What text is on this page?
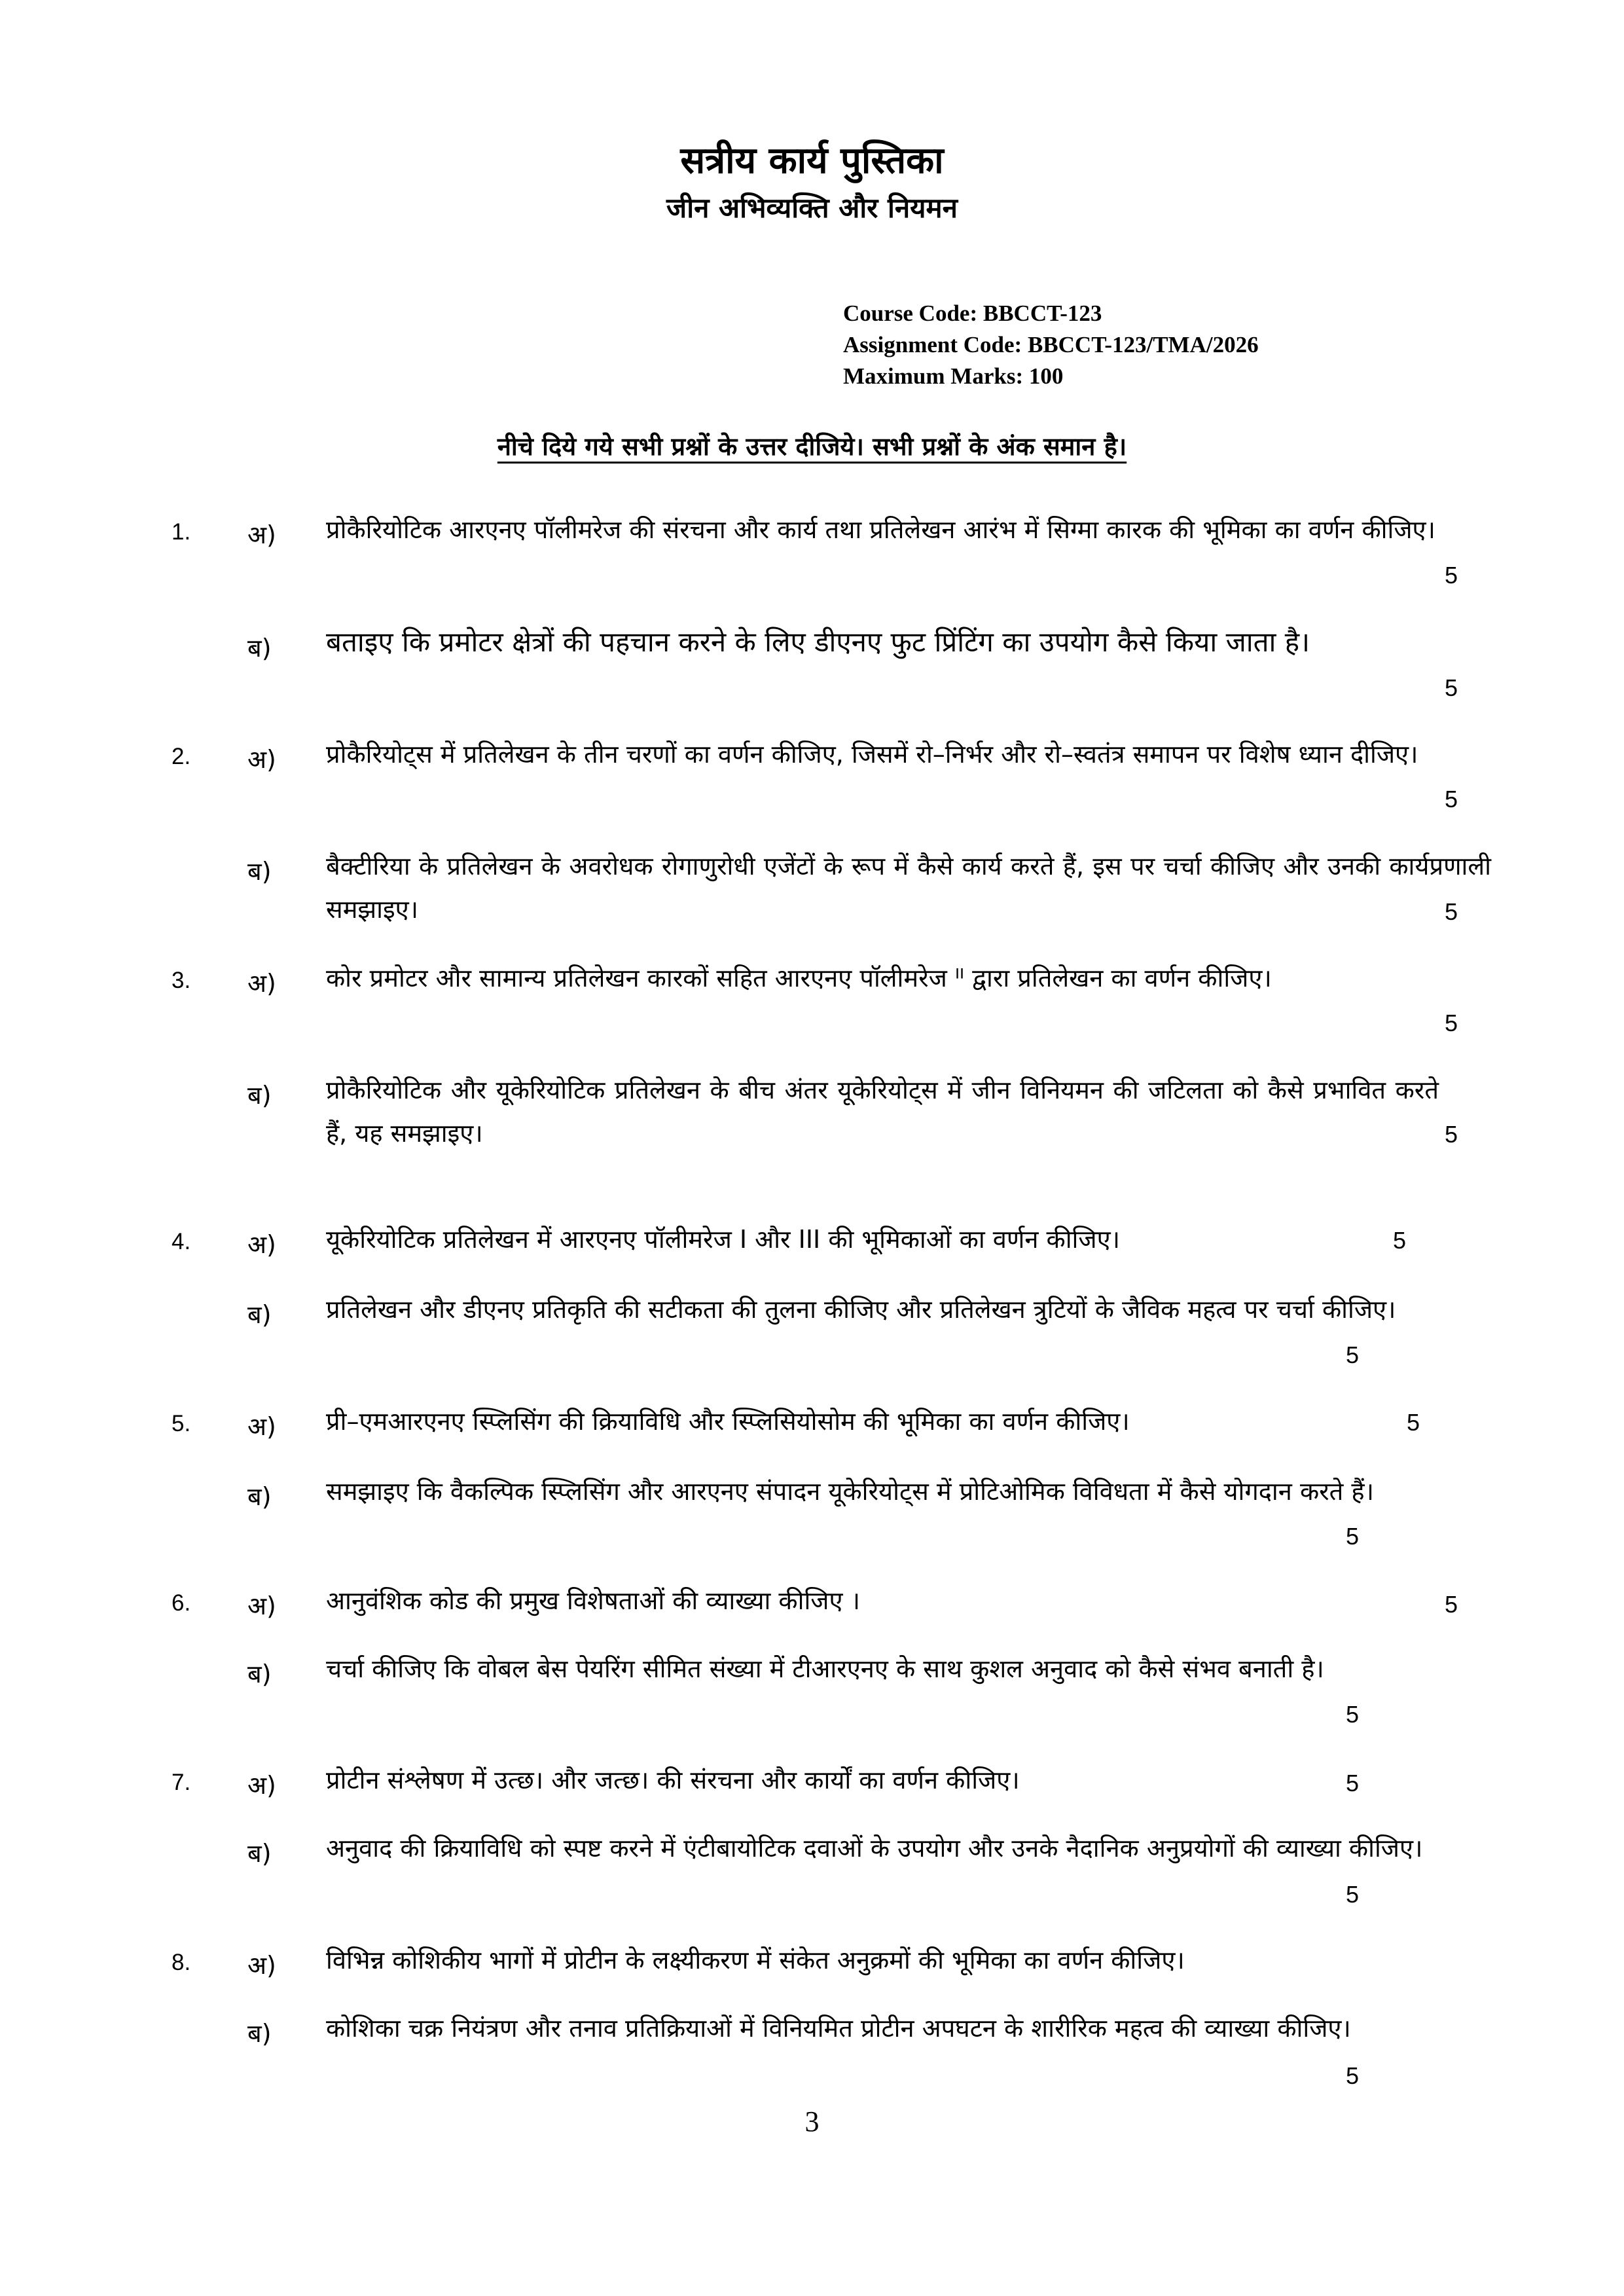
सत्रीय कार्य पुस्तिका
जीन अभिव्यक्ति और नियमन
Course Code: BBCCT-123
Assignment Code: BBCCT-123/TMA/2026
Maximum Marks: 100
नीचे दिये गये सभी प्रश्नों के उत्तर दीजिये। सभी प्रश्नों के अंक समान है।
1.	अ)	प्रोकैरियोटिक आरएनए पॉलीमरेज की संरचना और कार्य तथा प्रतिलेखन आरंभ में सिग्मा कारक की भूमिका का वर्णन कीजिए।
5
ब)	बताइए कि प्रमोटर क्षेत्रों की पहचान करने के लिए डीएनए फुट प्रिंटिंग का उपयोग कैसे किया जाता है।
5
2.	अ)	प्रोकैरियोट्स में प्रतिलेखन के तीन चरणों का वर्णन कीजिए, जिसमें रो–निर्भर और रो–स्वतंत्र समापन पर विशेष ध्यान दीजिए।
5
ब)	बैक्टीरिया के प्रतिलेखन के अवरोधक रोगाणुरोधी एजेंटों के रूप में कैसे कार्य करते हैं, इस पर चर्चा कीजिए और उनकी कार्यप्रणाली समझाइए।	5
3.	अ)	कोर प्रमोटर और सामान्य प्रतिलेखन कारकों सहित आरएनए पॉलीमरेज ᴵᴵ द्वारा प्रतिलेखन का वर्णन कीजिए।
5
ब)	प्रोकैरियोटिक और यूकेरियोटिक प्रतिलेखन के बीच अंतर यूकेरियोट्स में जीन विनियमन की जटिलता को कैसे प्रभावित करते हैं, यह समझाइए।	5
4.	अ)	यूकेरियोटिक प्रतिलेखन में आरएनए पॉलीमरेज I और III की भूमिकाओं का वर्णन कीजिए।	5
ब)	प्रतिलेखन और डीएनए प्रतिकृति की सटीकता की तुलना कीजिए और प्रतिलेखन त्रुटियों के जैविक महत्व पर चर्चा कीजिए।
5
5.	अ)	प्री–एमआरएनए स्प्लिसिंग की क्रियाविधि और स्प्लिसियोसोम की भूमिका का वर्णन कीजिए।	5
ब)	समझाइए कि वैकल्पिक स्प्लिसिंग और आरएनए संपादन यूकेरियोट्स में प्रोटिओमिक विविधता में कैसे योगदान करते हैं।
5
6.	अ)	आनुवंशिक कोड की प्रमुख विशेषताओं की व्याख्या कीजिए ।	5
ब)	चर्चा कीजिए कि वोबल बेस पेयरिंग सीमित संख्या में टीआरएनए के साथ कुशल अनुवाद को कैसे संभव बनाती है।
5
7.	अ)	प्रोटीन संश्लेषण में उत्छ। और जत्छ। की संरचना और कार्यों का वर्णन कीजिए।	5
ब)	अनुवाद की क्रियाविधि को स्पष्ट करने में एंटीबायोटिक दवाओं के उपयोग और उनके नैदानिक अनुप्रयोगों की व्याख्या कीजिए।
5
8.	अ)	विभिन्न कोशिकीय भागों में प्रोटीन के लक्ष्यीकरण में संकेत अनुक्रमों की भूमिका का वर्णन कीजिए।
ब)	कोशिका चक्र नियंत्रण और तनाव प्रतिक्रियाओं में विनियमित प्रोटीन अपघटन के शारीरिक महत्व की व्याख्या कीजिए।
5
3
